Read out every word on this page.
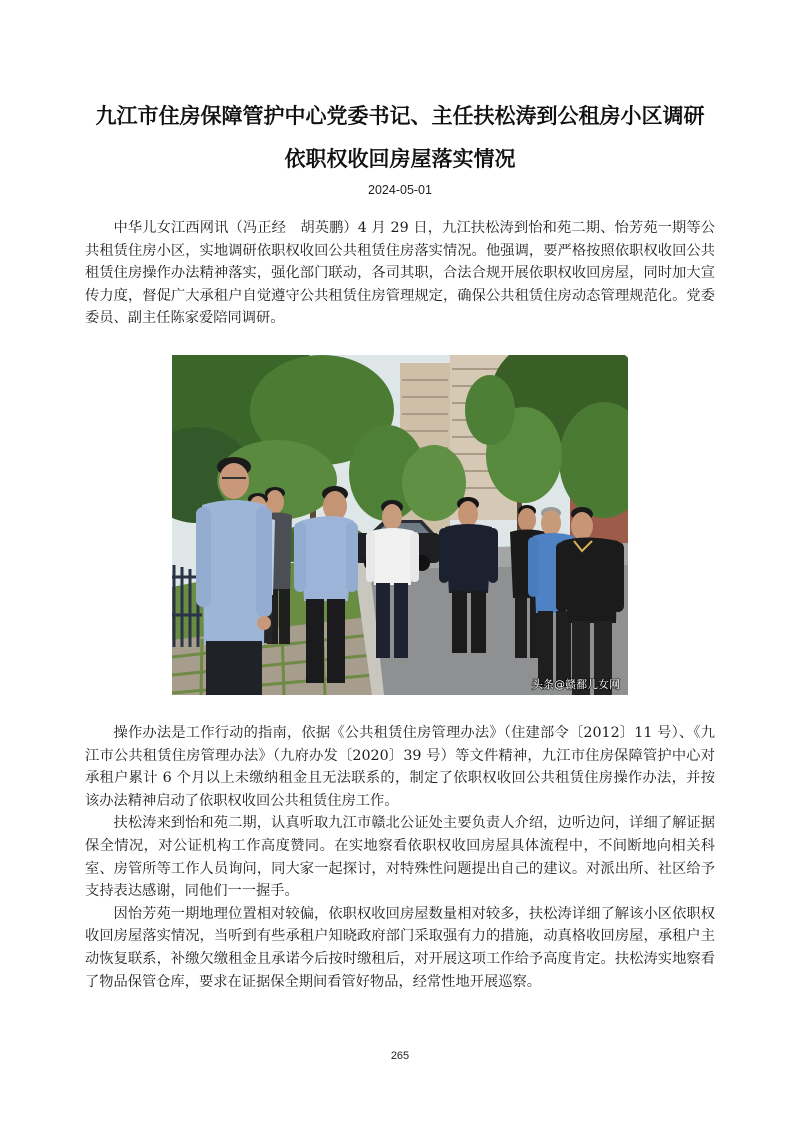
九江市住房保障管护中心党委书记、主任扶松涛到公租房小区调研
依职权收回房屋落实情况
2024-05-01

中华儿女江西网讯（冯正经　胡英鹏）4 月 29 日，九江扶松涛到怡和苑二期、怡芳苑一期等公共租赁住房小区，实地调研依职权收回公共租赁住房落实情况。他强调，要严格按照依职权收回公共租赁住房操作办法精神落实，强化部门联动，各司其职，合法合规开展依职权收回房屋，同时加大宣传力度，督促广大承租户自觉遵守公共租赁住房管理规定，确保公共租赁住房动态管理规范化。党委委员、副主任陈家爱陪同调研。

头条@赣鄱儿女网

操作办法是工作行动的指南，依据《公共租赁住房管理办法》（住建部令〔2012〕11 号）、《九江市公共租赁住房管理办法》（九府办发〔2020〕39 号）等文件精神，九江市住房保障管护中心对承租户累计 6 个月以上未缴纳租金且无法联系的，制定了依职权收回公共租赁住房操作办法，并按该办法精神启动了依职权收回公共租赁住房工作。

扶松涛来到怡和苑二期，认真听取九江市赣北公证处主要负责人介绍，边听边问，详细了解证据保全情况，对公证机构工作高度赞同。在实地察看依职权收回房屋具体流程中，不间断地向相关科室、房管所等工作人员询问，同大家一起探讨，对特殊性问题提出自己的建议。对派出所、社区给予支持表达感谢，同他们一一握手。

因怡芳苑一期地理位置相对较偏，依职权收回房屋数量相对较多，扶松涛详细了解该小区依职权收回房屋落实情况，当听到有些承租户知晓政府部门采取强有力的措施，动真格收回房屋，承租户主动恢复联系，补缴欠缴租金且承诺今后按时缴租后，对开展这项工作给予高度肯定。扶松涛实地察看了物品保管仓库，要求在证据保全期间看管好物品，经常性地开展巡察。

265
